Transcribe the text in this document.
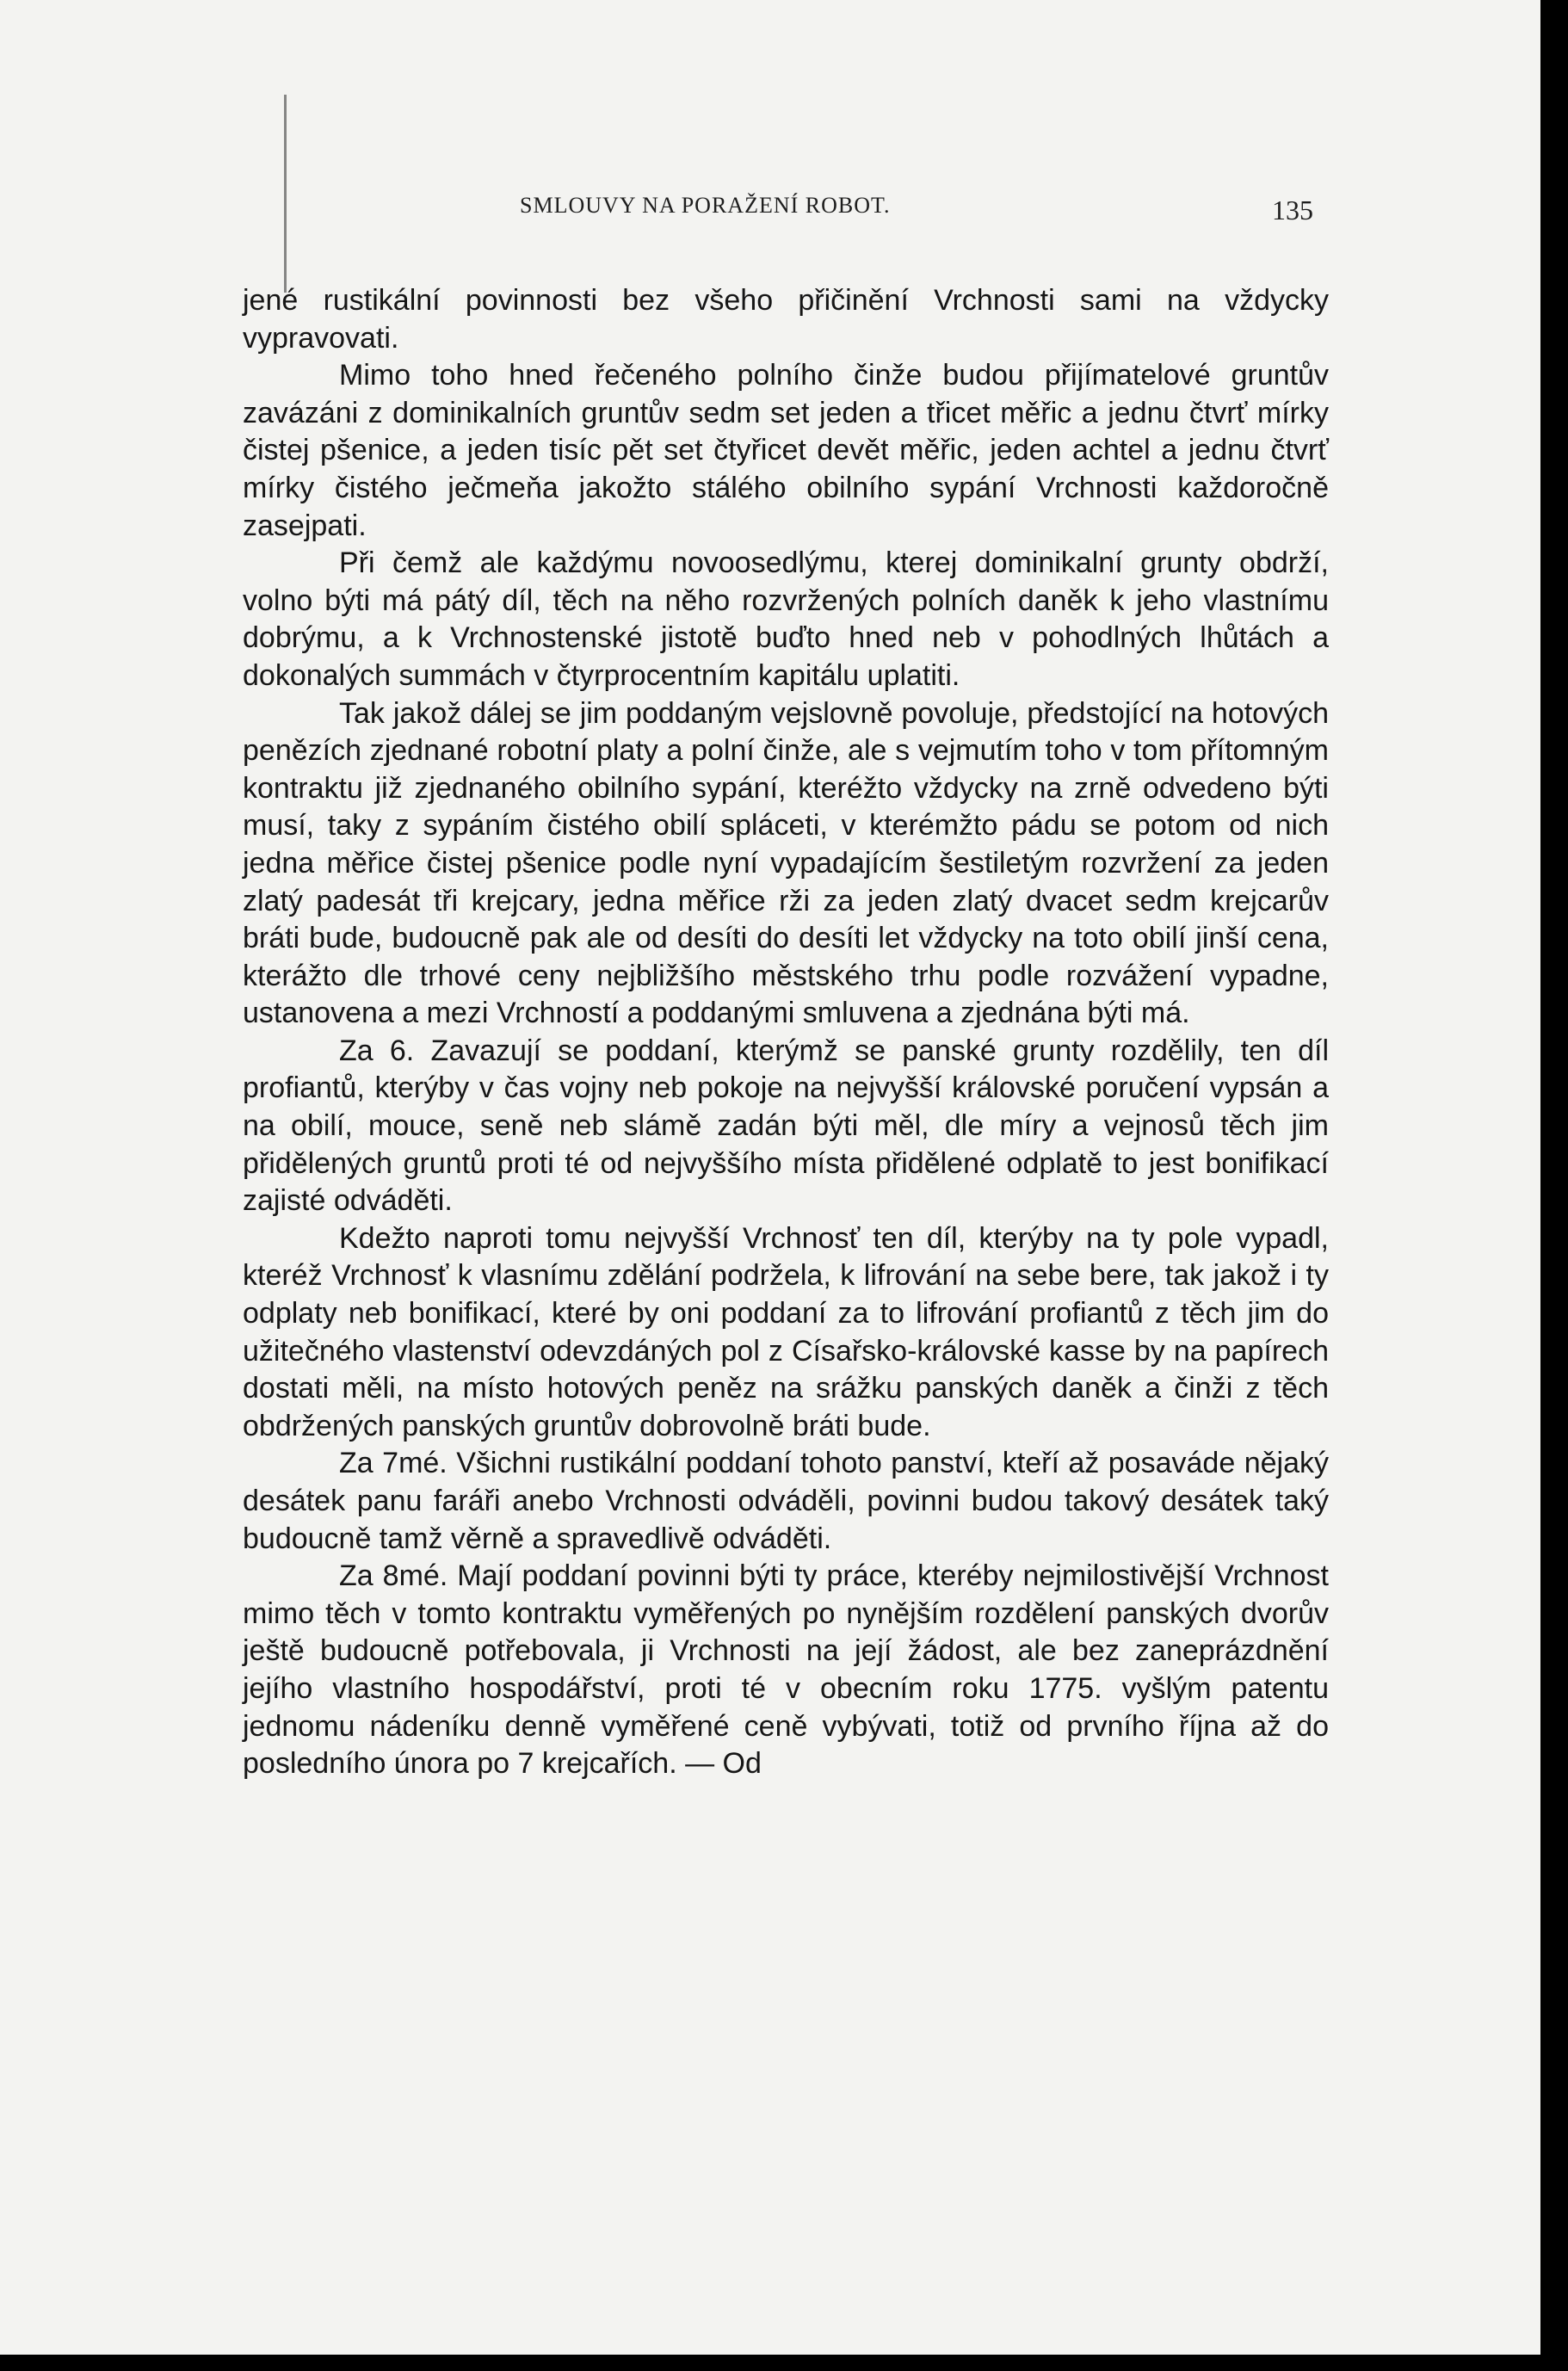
SMLOUVY NA PORAŽENÍ ROBOT.	135

jené rustikální povinnosti bez všeho přičinění Vrchnosti sami na vždycky vypravovati.

Mimo toho hned řečeného polního činže budou přijímatelové gruntův zavázáni z dominikalních gruntův sedm set jeden a třicet měřic a jednu čtvrť mírky čistej pšenice, a jeden tisíc pět set čtyřicet devět měřic, jeden achtel a jednu čtvrť mírky čistého ječmeňa jakožto stálého obilního sypání Vrchnosti každoročně zasejpati.

Při čemž ale každýmu novoosedlýmu, kterej dominikalní grunty obdrží, volno býti má pátý díl, těch na něho rozvržených polních daněk k jeho vlastnímu dobrýmu, a k Vrchnostenské jistotě buďto hned neb v pohodlných lhůtách a dokonalých summách v čtyrprocentním kapitálu uplatiti.

Tak jakož dálej se jim poddaným vejslovně povoluje, předstojící na hotových penězích zjednané robotní platy a polní činže, ale s vejmutím toho v tom přítomným kontraktu již zjednaného obilního sypání, kteréžto vždycky na zrně odvedeno býti musí, taky z sypáním čistého obilí spláceti, v kterémžto pádu se potom od nich jedna měřice čistej pšenice podle nyní vypadajícím šestiletým rozvržení za jeden zlatý padesát tři krejcary, jedna měřice rži za jeden zlatý dvacet sedm krejcarův bráti bude, budoucně pak ale od desíti do desíti let vždycky na toto obilí jinší cena, kterážto dle trhové ceny nejbližšího městského trhu podle rozvážení vypadne, ustanovena a mezi Vrchností a poddanými smluvena a zjednána býti má.

Za 6. Zavazují se poddaní, kterýmž se panské grunty rozdělily, ten díl profiantů, kterýby v čas vojny neb pokoje na nejvyšší královské poručení vypsán a na obilí, mouce, seně neb slámě zadán býti měl, dle míry a vejnosů těch jim přidělených gruntů proti té od nejvyššího místa přidělené odplatě to jest bonifikací zajisté odváděti.

Kdežto naproti tomu nejvyšší Vrchnosť ten díl, kterýby na ty pole vypadl, kteréž Vrchnosť k vlasnímu zdělání podržela, k lifrování na sebe bere, tak jakož i ty odplaty neb bonifikací, které by oni poddaní za to lifrování profiantů z těch jim do užitečného vlastenství odevzdáných pol z Císařsko-královské kasse by na papírech dostati měli, na místo hotových peněz na srážku panských daněk a činži z těch obdržených panských gruntův dobrovolně bráti bude.

Za 7mé. Všichni rustikální poddaní tohoto panství, kteří až posaváde nějaký desátek panu faráři anebo Vrchnosti odváděli, povinni budou takový desátek taký budoucně tamž věrně a spravedlivě odváděti.

Za 8mé. Mají poddaní povinni býti ty práce, kteréby nejmilostivější Vrchnost mimo těch v tomto kontraktu vyměřených po nynějším rozdělení panských dvorův ještě budoucně potřebovala, ji Vrchnosti na její žádost, ale bez zaneprázdnění jejího vlastního hospodářství, proti té v obecním roku 1775. vyšlým patentu jednomu nádeníku denně vyměřené ceně vybývati, totiž od prvního října až do posledního února po 7 krejcařích. — Od
